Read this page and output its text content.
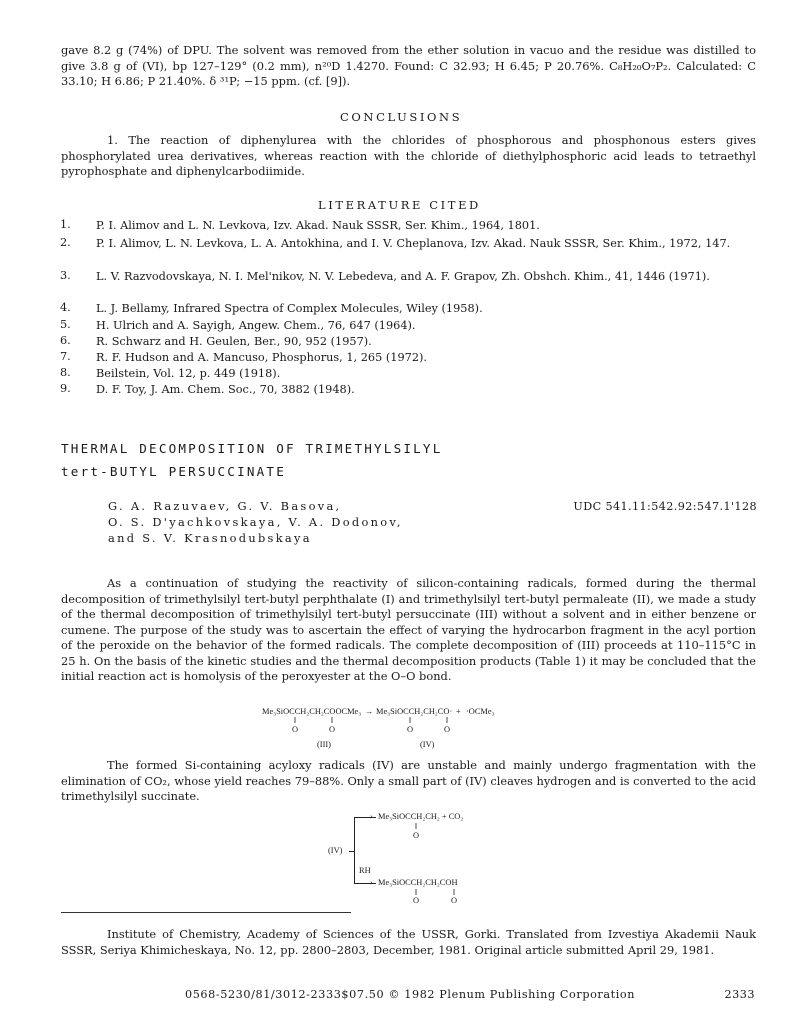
gave 8.2 g (74%) of DPU. The solvent was removed from the ether solution in vacuo and the residue was distilled to give 3.8 g of (VI), bp 127–129° (0.2 mm), n²⁰D 1.4270. Found: C 32.93; H 6.45; P 20.76%. C₈H₂₀O₇P₂. Calculated: C 33.10; H 6.86; P 21.40%. δ ³¹P; −15 ppm. (cf. [9]).

CONCLUSIONS

1. The reaction of diphenylurea with the chlorides of phosphorous and phosphonous esters gives phosphorylated urea derivatives, whereas reaction with the chloride of diethylphosphoric acid leads to tetraethyl pyrophosphate and diphenylcarbodiimide.

LITERATURE CITED
1. P. I. Alimov and L. N. Levkova, Izv. Akad. Nauk SSSR, Ser. Khim., 1964, 1801.
2. P. I. Alimov, L. N. Levkova, L. A. Antokhina, and I. V. Cheplanova, Izv. Akad. Nauk SSSR, Ser. Khim., 1972, 147.
3. L. V. Razvodovskaya, N. I. Mel'nikov, N. V. Lebedeva, and A. F. Grapov, Zh. Obshch. Khim., 41, 1446 (1971).
4. L. J. Bellamy, Infrared Spectra of Complex Molecules, Wiley (1958).
5. H. Ulrich and A. Sayigh, Angew. Chem., 76, 647 (1964).
6. R. Schwarz and H. Geulen, Ber., 90, 952 (1957).
7. R. F. Hudson and A. Mancuso, Phosphorus, 1, 265 (1972).
8. Beilstein, Vol. 12, p. 449 (1918).
9. D. F. Toy, J. Am. Chem. Soc., 70, 3882 (1948).
THERMAL DECOMPOSITION OF TRIMETHYLSILYL
tert-BUTYL PERSUCCINATE
G. A. Razuvaev, G. V. Basova,
O. S. D'yachkovskaya, V. A. Dodonov,
and S. V. Krasnodubskaya
UDC 541.11:542.92:547.1'128

As a continuation of studying the reactivity of silicon-containing radicals, formed during the thermal decomposition of trimethylsilyl tert-butyl perphthalate (I) and trimethylsilyl tert-butyl permaleate (II), we made a study of the thermal decomposition of trimethylsilyl tert-butyl persuccinate (III) without a solvent and in either benzene or cumene. The purpose of the study was to ascertain the effect of varying the hydrocarbon fragment in the acyl portion of the peroxide on the behavior of the formed radicals. The complete decomposition of (III) proceeds at 110–115°C in 25 h. On the basis of the kinetic studies and the thermal decomposition products (Table 1) it may be concluded that the initial reaction act is homolysis of the peroxyester at the O–O bond.

Me₃SiOCCH₂CH₂COOCMe₃ → Me₃SiOCCH₂CH₂CO· + ·OCMe₃
‖	‖	‖	‖
O	O	O	O
(III)	(IV)

The formed Si-containing acyloxy radicals (IV) are unstable and mainly undergo fragmentation with the elimination of CO₂, whose yield reaches 79–88%. Only a small part of (IV) cleaves hydrogen and is converted to the acid trimethylsilyl succinate.

(IV)
›
›
Me₃SiOCCH₂CH₂ + CO₂
‖
O
RH
Me₃SiOCCH₂CH₂COH
‖	‖
O	O

Institute of Chemistry, Academy of Sciences of the USSR, Gorki. Translated from Izvestiya Akademii Nauk SSSR, Seriya Khimicheskaya, No. 12, pp. 2800–2803, December, 1981. Original article submitted April 29, 1981.

0568-5230/81/3012-2333$07.50 © 1982 Plenum Publishing Corporation	2333
